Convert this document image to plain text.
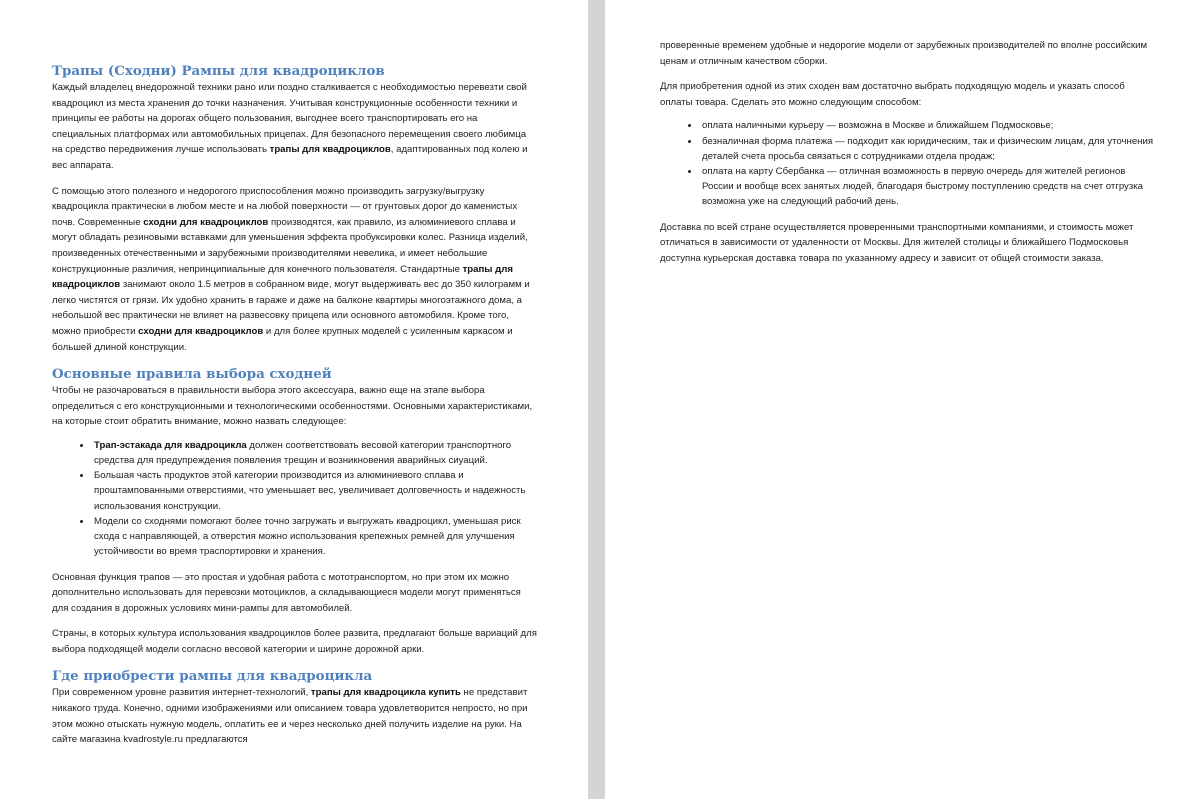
Трапы (Сходни) Рампы для квадроциклов

Каждый владелец внедорожной техники рано или поздно сталкивается с необходимостью перевезти свой квадроцикл из места хранения до точки назначения. Учитывая конструкционные особенности техники и принципы ее работы на дорогах общего пользования, выгоднее всего транспортировать его на специальных платформах или автомобильных прицепах. Для безопасного перемещения своего любимца на средство передвижения лучше использовать трапы для квадроциклов, адаптированных под колею и вес аппарата.

С помощью этого полезного и недорогого приспособления можно производить загрузку/выгрузку квадроцикла практически в любом месте и на любой поверхности — от грунтовых дорог до каменистых почв. Современные сходни для квадроциклов производятся, как правило, из алюминиевого сплава и могут обладать резиновыми вставками для уменьшения эффекта пробуксировки колес. Разница изделий, произведенных отечественными и зарубежными производителями невелика, и имеет небольшие конструкционные различия, непринципиальные для конечного пользователя. Стандартные трапы для квадроциклов занимают около 1.5 метров в собранном виде, могут выдерживать вес до 350 килограмм и легко чистятся от грязи. Их удобно хранить в гараже и даже на балконе квартиры многоэтажного дома, а небольшой вес практически не влияет на развесовку прицепа или основного автомобиля. Кроме того, можно приобрести сходни для квадроциклов и для более крупных моделей с усиленным каркасом и большей длиной конструкции.

Основные правила выбора сходней

Чтобы не разочароваться в правильности выбора этого аксессуара, важно еще на этапе выбора определиться с его конструкционными и технологическими особенностями. Основными характеристиками, на которые стоит обратить внимание, можно назвать следующее:

• Трап-эстакада для квадроцикла должен соответствовать весовой категории транспортного средства для предупреждения появления трещин и возникновения аварийных сиуаций.
• Большая часть продуктов этой категории производится из алюминиевого сплава и проштампованными отверстиями, что уменьшает вес, увеличивает долговечность и надежность использования конструкции.
• Модели со сходнями помогают более точно загружать и выгружать квадроцикл, уменьшая риск схода с направляющей, а отверстия можно использования крепежных ремней для улучшения устойчивости во время траспортировки и хранения.

Основная функция трапов — это простая и удобная работа с мототранспортом, но при этом их можно дополнительно использовать для перевозки мотоциклов, а складывающиеся модели могут применяться для создания в дорожных условиях мини-рампы для автомобилей.

Страны, в которых культура использования квадроциклов более развита, предлагают больше вариаций для выбора подходящей модели согласно весовой категории и ширине дорожной арки.

Где приобрести рампы для квадроцикла

При современном уровне развития интернет-технологий, трапы для квадроцикла купить не представит никакого труда. Конечно, одними изображениями или описанием товара удовлетворится непросто, но при этом можно отыскать нужную модель, оплатить ее и через несколько дней получить изделие на руки. На сайте магазина kvadrostyle.ru предлагаются

проверенные временем удобные и недорогие модели от зарубежных производителей по вполне российским ценам и отличным качеством сборки.

Для приобретения одной из этих сходен вам достаточно выбрать подходящую модель и указать способ оплаты товара. Сделать это можно следующим способом:

• оплата наличными курьеру — возможна в Москве и ближайшем Подмосковье;
• безналичная форма платежа — подходит как юридическим, так и физическим лицам, для уточнения деталей счета просьба связаться с сотрудниками отдела продаж;
• оплата на карту Сбербанка — отличная возможность в первую очередь для жителей регионов России и вообще всех занятых людей, благодаря быстрому поступлению средств на счет отгрузка возможна уже на следующий рабочий день.

Доставка по всей стране осуществляется проверенными транспортными компаниями, и стоимость может отличаться в зависимости от удаленности от Москвы. Для жителей столицы и ближайшего Подмосковья доступна курьерская доставка товара по указанному адресу и зависит от общей стоимости заказа.
